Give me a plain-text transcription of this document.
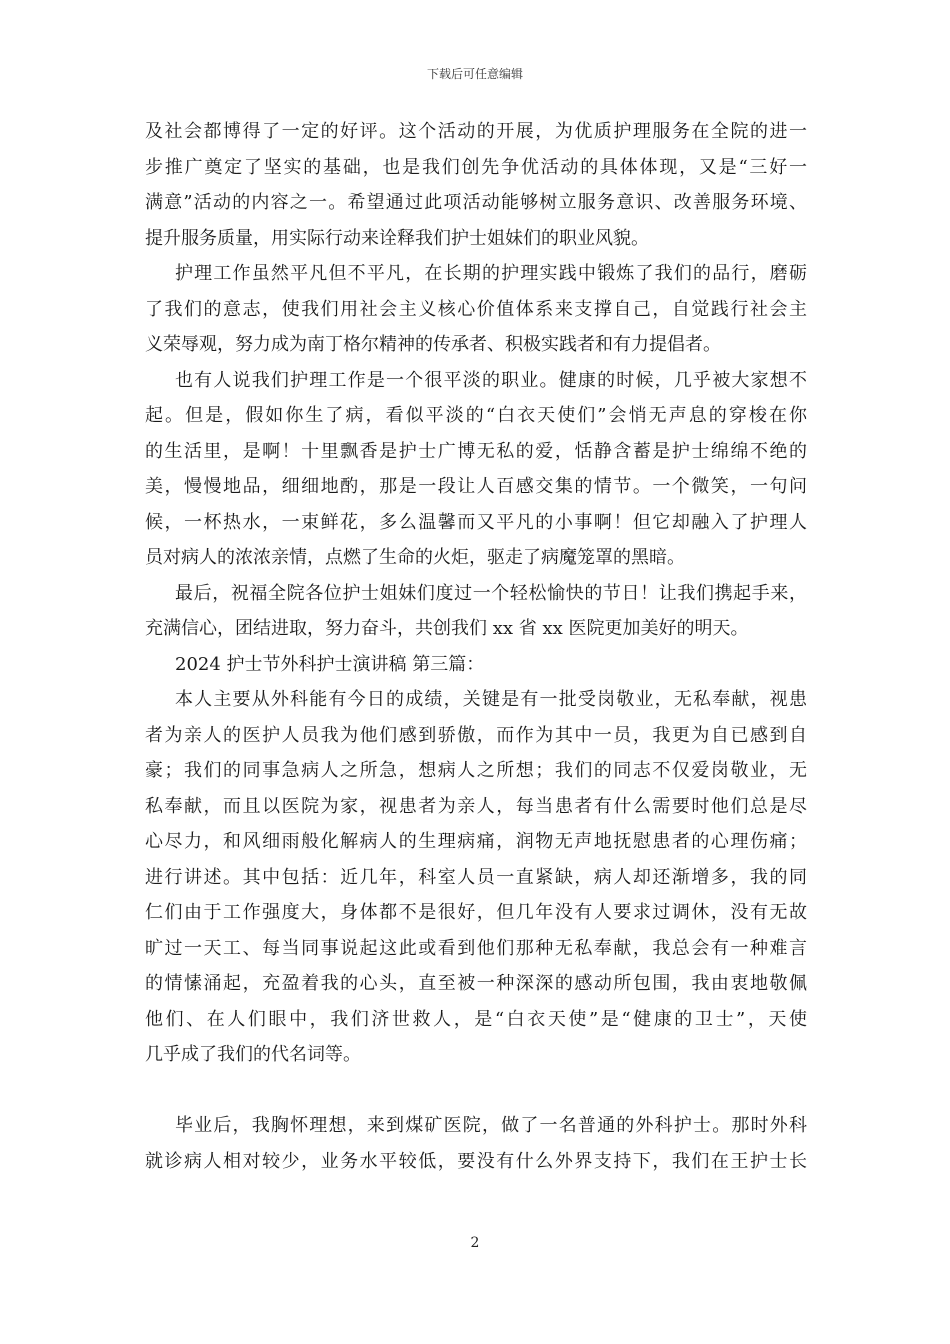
下载后可任意编辑
及社会都博得了一定的好评。这个活动的开展，为优质护理服务在全院的进一
步推广奠定了坚实的基础，也是我们创先争优活动的具体体现，又是“三好一
满意”活动的内容之一。希望通过此项活动能够树立服务意识、改善服务环境、
提升服务质量，用实际行动来诠释我们护士姐妹们的职业风貌。
护理工作虽然平凡但不平凡，在长期的护理实践中锻炼了我们的品行，磨砺
了我们的意志，使我们用社会主义核心价值体系来支撑自己，自觉践行社会主
义荣辱观，努力成为南丁格尔精神的传承者、积极实践者和有力提倡者。
也有人说我们护理工作是一个很平淡的职业。健康的时候，几乎被大家想不
起。但是，假如你生了病，看似平淡的“白衣天使们”会悄无声息的穿梭在你
的生活里，是啊！十里飘香是护士广博无私的爱，恬静含蓄是护士绵绵不绝的
美，慢慢地品，细细地酌，那是一段让人百感交集的情节。一个微笑，一句问
候，一杯热水，一束鲜花，多么温馨而又平凡的小事啊！但它却融入了护理人
员对病人的浓浓亲情，点燃了生命的火炬，驱走了病魔笼罩的黑暗。
最后，祝福全院各位护士姐妹们度过一个轻松愉快的节日！让我们携起手来，
充满信心，团结进取，努力奋斗，共创我们 xx 省 xx 医院更加美好的明天。
2024 护士节外科护士演讲稿 第三篇：
本人主要从外科能有今日的成绩，关键是有一批受岗敬业，无私奉献，视患
者为亲人的医护人员我为他们感到骄傲，而作为其中一员，我更为自已感到自
豪；我们的同事急病人之所急，想病人之所想；我们的同志不仅爱岗敬业，无
私奉献，而且以医院为家，视患者为亲人，每当患者有什么需要时他们总是尽
心尽力，和风细雨般化解病人的生理病痛，润物无声地抚慰患者的心理伤痛；
进行讲述。其中包括：近几年，科室人员一直紧缺，病人却还渐增多，我的同
仁们由于工作强度大，身体都不是很好，但几年没有人要求过调休，没有无故
旷过一天工、每当同事说起这此或看到他们那种无私奉献，我总会有一种难言
的情愫涌起，充盈着我的心头，直至被一种深深的感动所包围，我由衷地敬佩
他们、在人们眼中，我们济世救人，是“白衣天使”是“健康的卫士”，天使
几乎成了我们的代名词等。
毕业后，我胸怀理想，来到煤矿医院，做了一名普通的外科护士。那时外科
就诊病人相对较少，业务水平较低，要没有什么外界支持下，我们在王护士长
2
